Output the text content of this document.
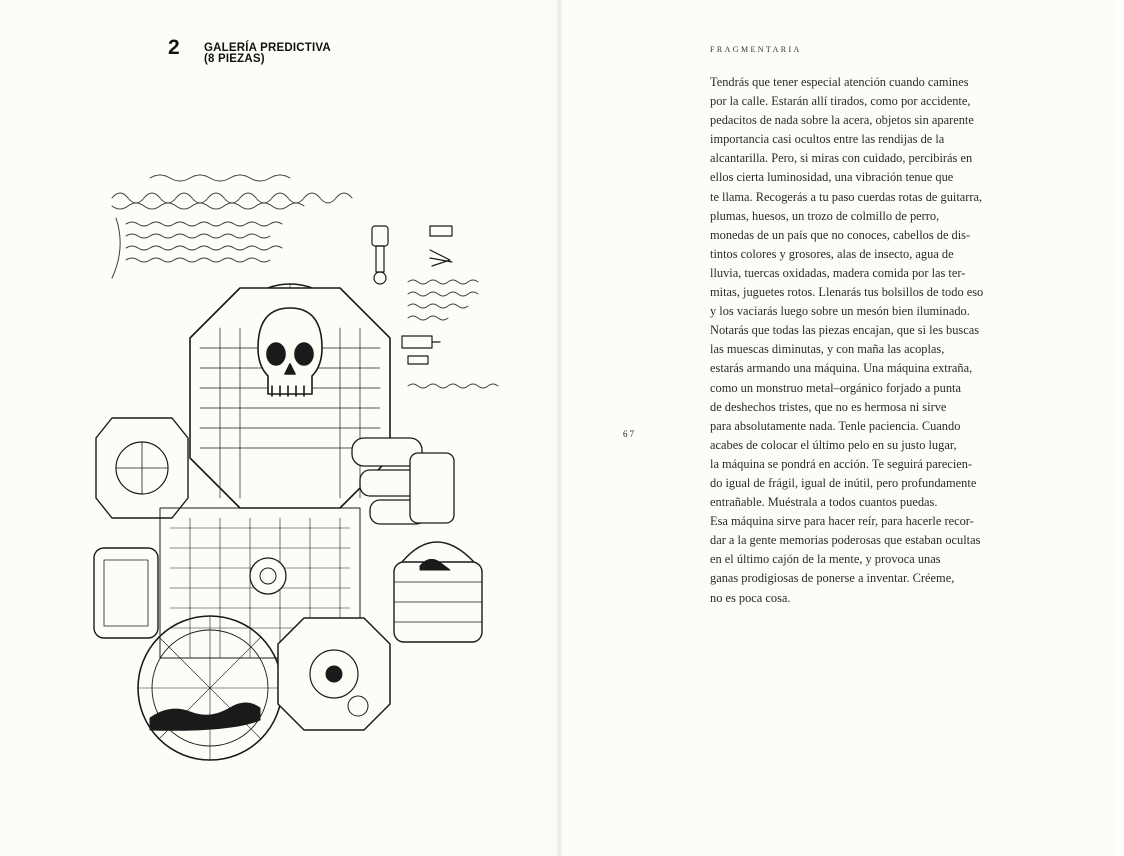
2 GALERÍA PREDICTIVA
(8 PIEZAS)
67
FRAGMENTARIA
Tendrás que tener especial atención cuando camines
por la calle. Estarán allí tirados, como por accidente,
pedacitos de nada sobre la acera, objetos sin aparente
importancia casi ocultos entre las rendijas de la
alcantarilla. Pero, si miras con cuidado, percibirás en
ellos cierta luminosidad, una vibración tenue que
te llama. Recogerás a tu paso cuerdas rotas de guitarra,
plumas, huesos, un trozo de colmillo de perro,
monedas de un país que no conoces, cabellos de dis-
tintos colores y grosores, alas de insecto, agua de
lluvia, tuercas oxidadas, madera comida por las ter-
mitas, juguetes rotos. Llenarás tus bolsillos de todo eso
y los vaciarás luego sobre un mesón bien iluminado.
Notarás que todas las piezas encajan, que si les buscas
las muescas diminutas, y con maña las acoplas,
estarás armando una máquina. Una máquina extraña,
como un monstruo metal–orgánico forjado a punta
de deshechos tristes, que no es hermosa ni sirve
para absolutamente nada. Tenle paciencia. Cuando
acabes de colocar el último pelo en su justo lugar,
la máquina se pondrá en acción. Te seguirá parecien-
do igual de frágil, igual de inútil, pero profundamente
entrañable. Muéstrala a todos cuantos puedas.
Esa máquina sirve para hacer reír, para hacerle recor-
dar a la gente memorias poderosas que estaban ocultas
en el último cajón de la mente, y provoca unas
ganas prodigiosas de ponerse a inventar. Créeme,
no es poca cosa.
